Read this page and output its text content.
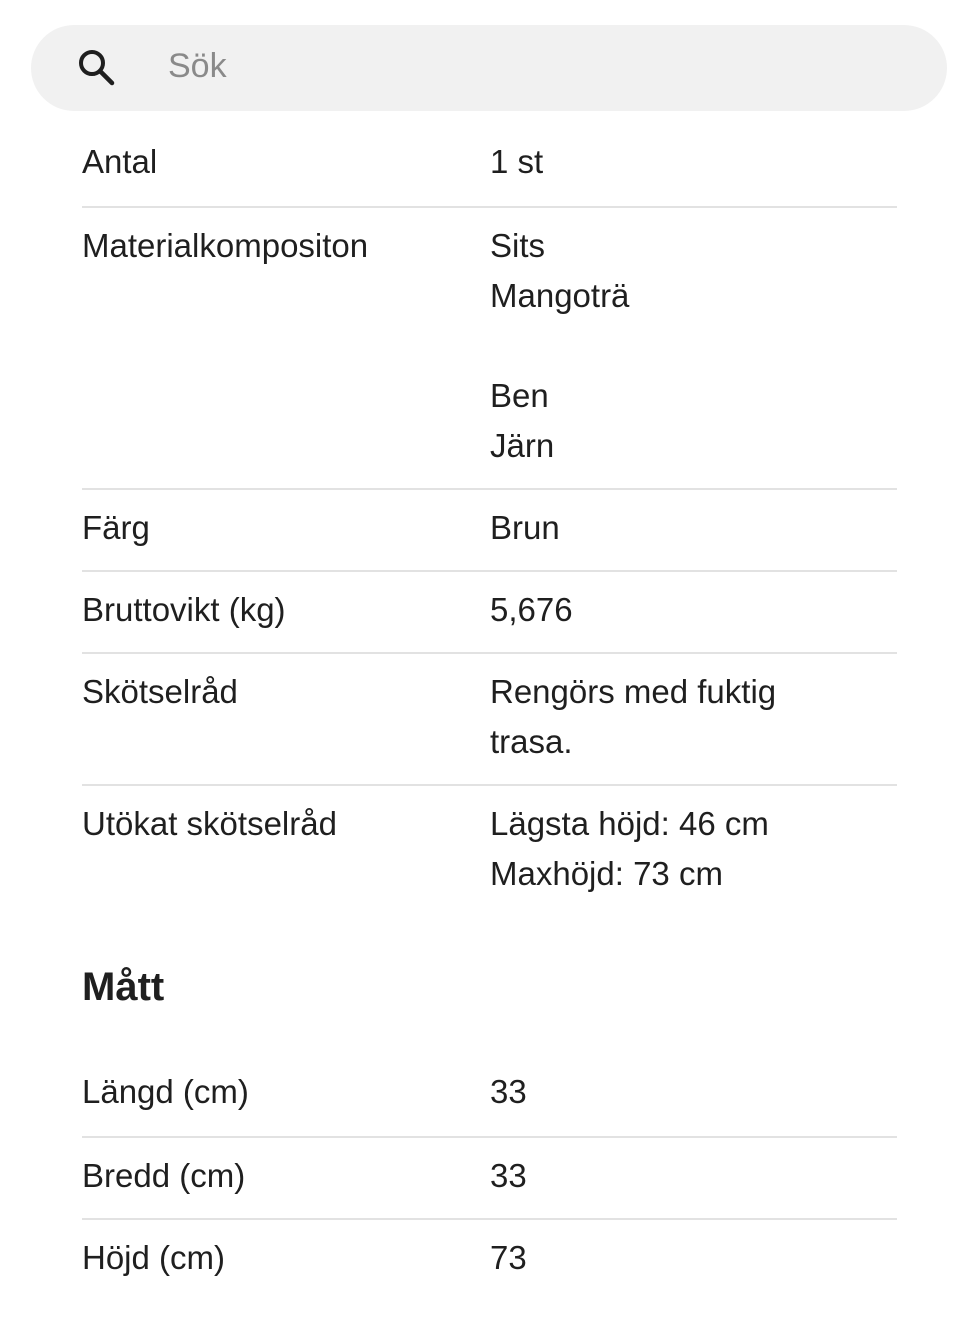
Sök
Antal	1 st
Materialkompositon	Sits
Mangoträ

Ben
Järn
Färg	Brun
Bruttovikt (kg)	5,676
Skötselråd	Rengörs med fuktig
trasa.
Utökat skötselråd	Lägsta höjd: 46 cm
Maxhöjd: 73 cm
Mått
Längd (cm)	33
Bredd (cm)	33
Höjd (cm)	73
